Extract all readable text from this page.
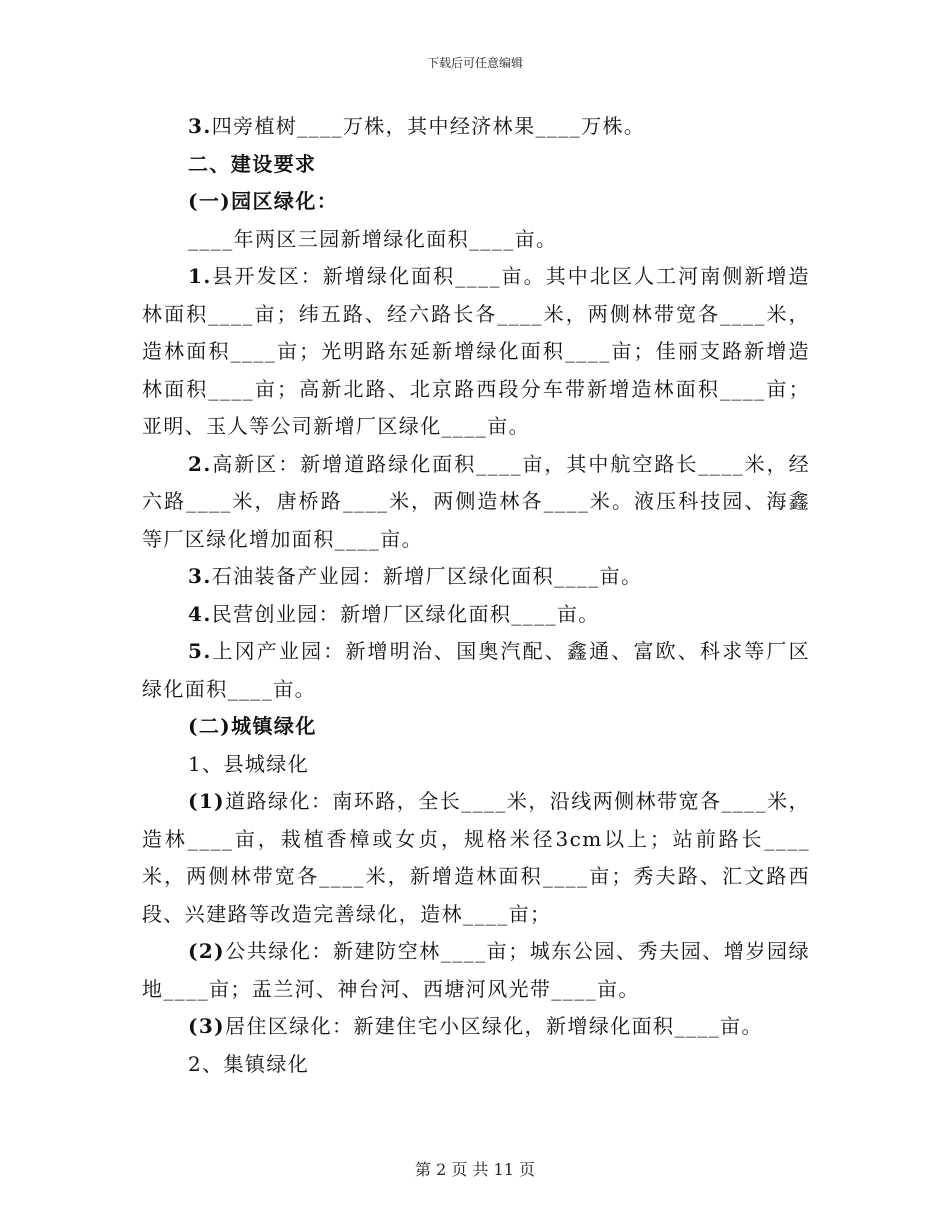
下载后可任意编辑

3.四旁植树____万株，其中经济林果____万株。

二、建设要求

(一)园区绿化：

____年两区三园新增绿化面积____亩。

1.县开发区：新增绿化面积____亩。其中北区人工河南侧新增造林面积____亩；纬五路、经六路长各____米，两侧林带宽各____米，造林面积____亩；光明路东延新增绿化面积____亩；佳丽支路新增造林面积____亩；高新北路、北京路西段分车带新增造林面积____亩；亚明、玉人等公司新增厂区绿化____亩。

2.高新区：新增道路绿化面积____亩，其中航空路长____米，经六路____米，唐桥路____米，两侧造林各____米。液压科技园、海鑫等厂区绿化增加面积____亩。

3.石油装备产业园：新增厂区绿化面积____亩。

4.民营创业园：新增厂区绿化面积____亩。

5.上冈产业园：新增明治、国奥汽配、鑫通、富欧、科求等厂区绿化面积____亩。

(二)城镇绿化

1、县城绿化

(1)道路绿化：南环路，全长____米，沿线两侧林带宽各____米，造林____亩，栽植香樟或女贞，规格米径3cm以上；站前路长____米，两侧林带宽各____米，新增造林面积____亩；秀夫路、汇文路西段、兴建路等改造完善绿化，造林____亩；

(2)公共绿化：新建防空林____亩；城东公园、秀夫园、增岁园绿地____亩；盂兰河、神台河、西塘河风光带____亩。

(3)居住区绿化：新建住宅小区绿化，新增绿化面积____亩。

2、集镇绿化

第 2 页 共 11 页
